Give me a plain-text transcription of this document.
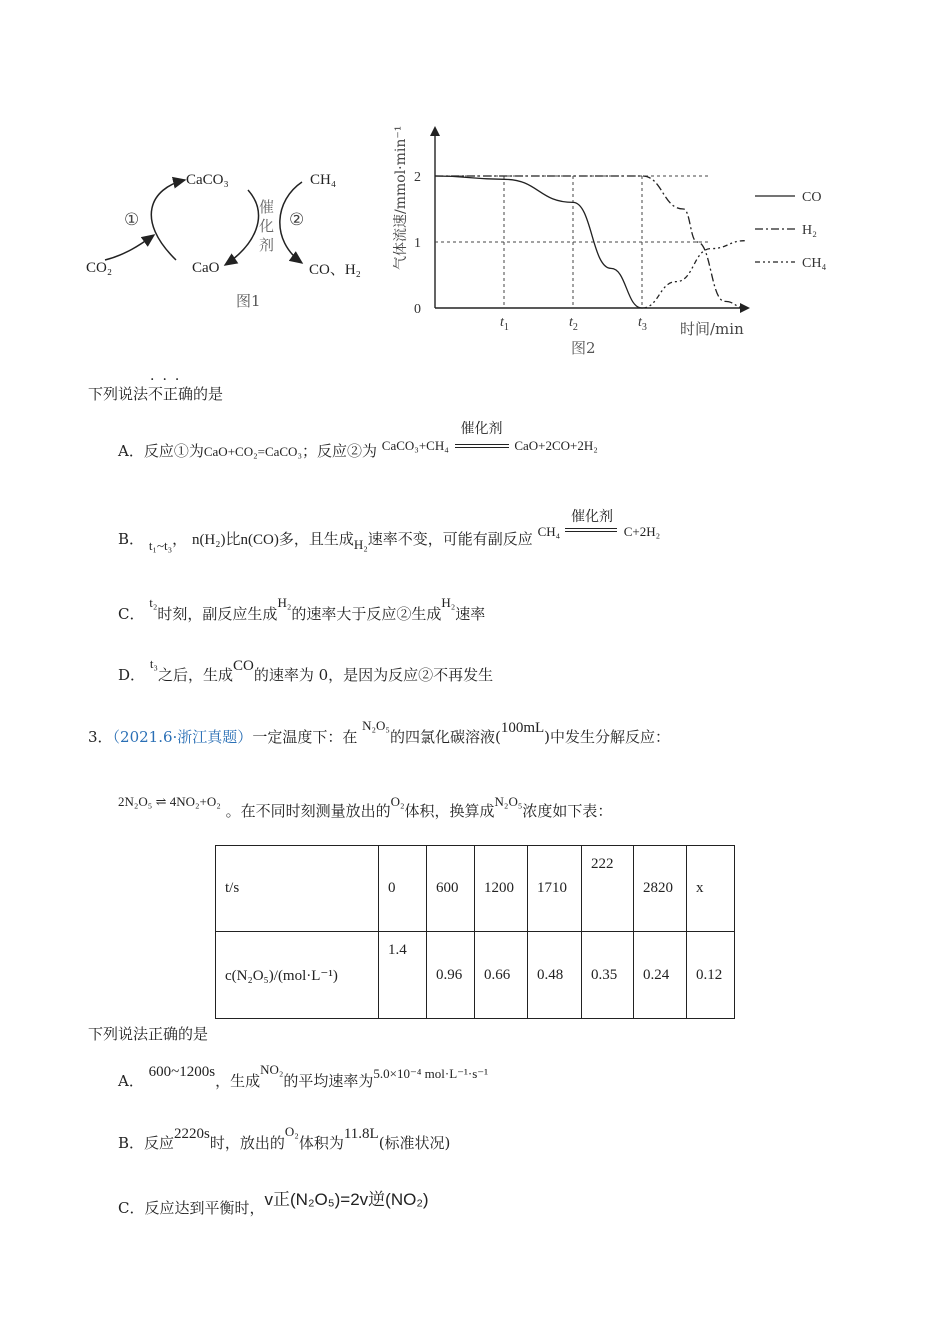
CaCO₃
CaO
CO₂
CH₄
CO、H₂
催
化
剂
①	②
图1	0
1
2
$t_1$	$t_2$	$t_3$ 时间/min
气体流速/mmol·min⁻¹	CO
H₂
CH₄
图2
下列说法不正确
···
的是
A．反应①为CaO+CO₂=CaCO₃；反应②为 CaCO₃+CH₄
催化剂
CaO+2CO+2H₂
B． t₁~t₃， n(H₂)比n(CO)多，且生成H₂速率不变，可能有副反应 CH₄
催化剂
C+2H₂
C． t₂时刻，副反应生成H₂的速率大于反应②生成H₂速率
D． t₃之后，生成CO的速率为 0，是因为反应②不再发生
3．（2021.6·浙江真题）一定温度下：在 N₂O₅的四氯化碳溶液(100mL)中发生分解反应：
2N₂O₅ ⇌ 4NO₂+O₂ 。在不同时刻测量放出的O₂体积，换算成N₂O₅浓度如下表：
t/s	0	600	1200	1710	222	2820	x
c(N₂O₅)/(mol·L⁻¹)	1.4	0.96	0.66	0.48	0.35	0.24	0.12
下列说法正确的是
A． 600~1200s，生成NO₂的平均速率为5.0×10⁻⁴ mol·L⁻¹·s⁻¹
B．反应2220s时，放出的O₂体积为11.8L(标准状况)
C．反应达到平衡时，v正(N₂O₅)=2v逆(NO₂)
